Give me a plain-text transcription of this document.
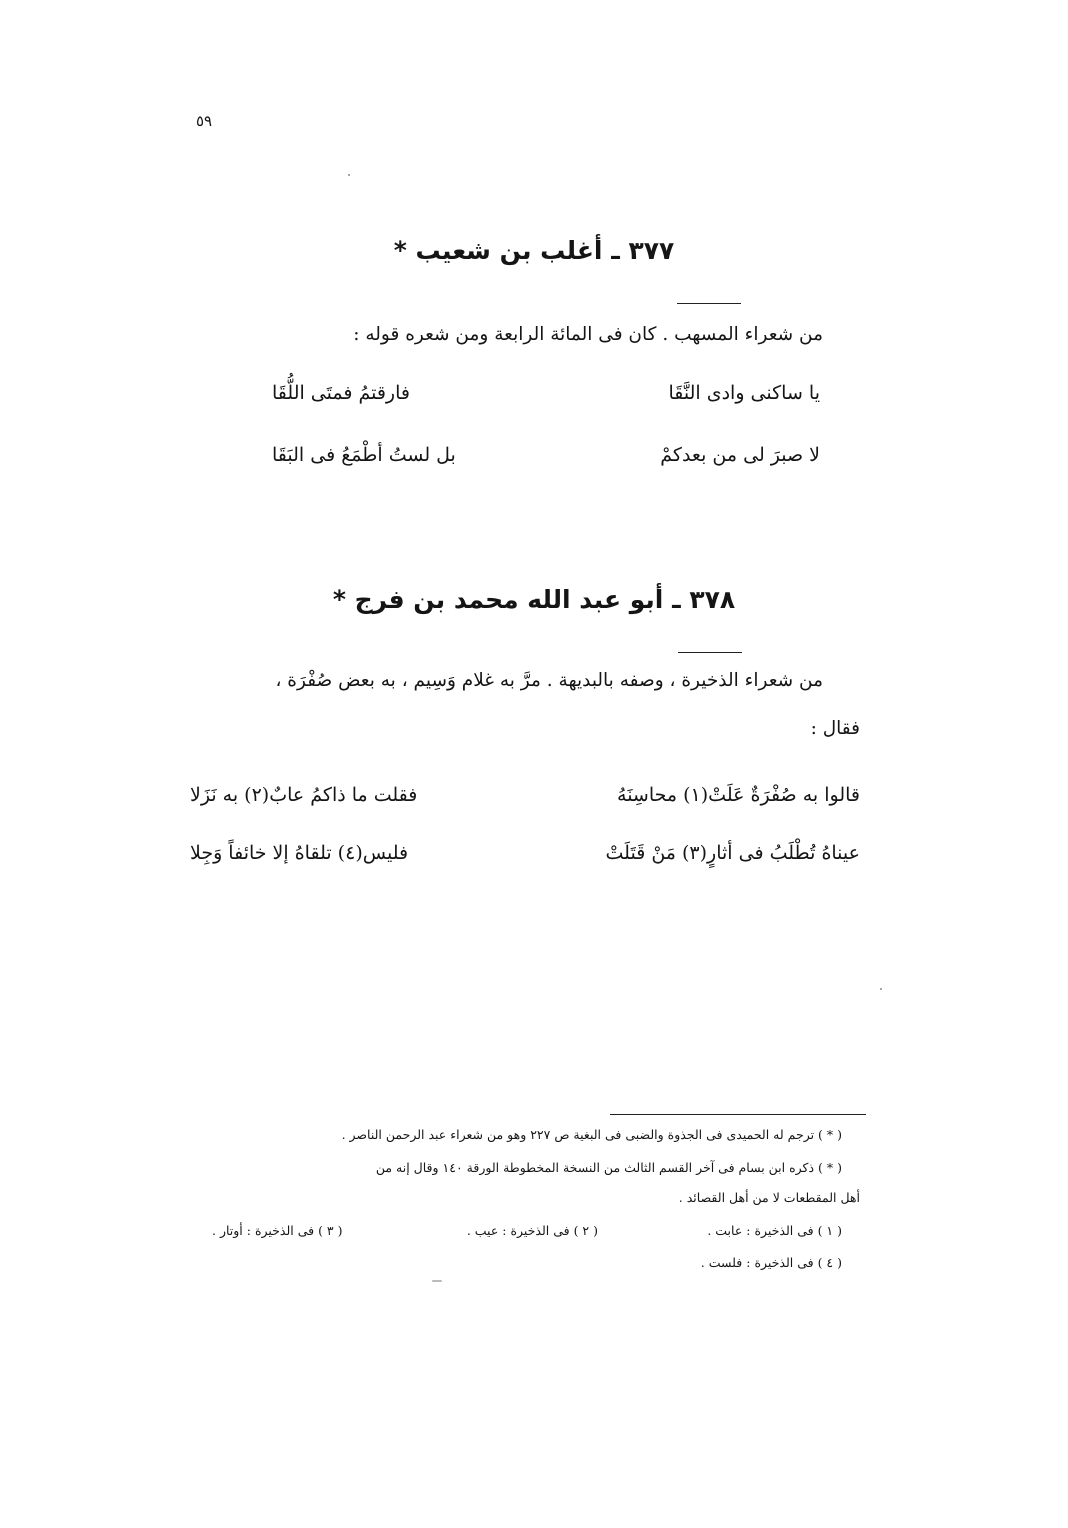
٥٩
٣٧٧ ـ أغلب بن شعيب *
من شعراء المسهب . كان فى المائة الرابعة ومن شعره قوله :
يا ساكنى وادى النَّقَا
فارقتمُ فمتَى اللُّقَا
لا صبرَ لى من بعدكمْ
بل لستُ أطْمَعُ فى البَقَا
٣٧٨ ـ أبو عبد الله محمد بن فرج *
من شعراء الذخيرة ، وصفه بالبديهة . مرَّ به غلام وَسِيم ، به بعض صُفْرَة ،
فقال :
قالوا به صُفْرَةٌ عَلَتْ(١) محاسِنَهُ
فقلت ما ذاكمُ عابٌ(٢) به نَزَلا
عيناهُ تُطْلَبُ فى أثارٍ(٣) مَنْ قَتَلَتْ
فليس(٤) تلقاهُ إلا خائفاً وَجِلا
( * ) ترجم له الحميدى فى الجذوة والضبى فى البغية ص ٢٢٧ وهو من شعراء عبد الرحمن الناصر .
( * ) ذكره ابن بسام فى آخر القسم الثالث من النسخة المخطوطة الورقة ١٤٠ وقال إنه من
أهل المقطعات لا من أهل القصائد .
( ١ ) فى الذخيرة : عابت .
( ٢ ) فى الذخيرة : عيب .
( ٣ ) فى الذخيرة : أوتار .
( ٤ ) فى الذخيرة : فلست .
